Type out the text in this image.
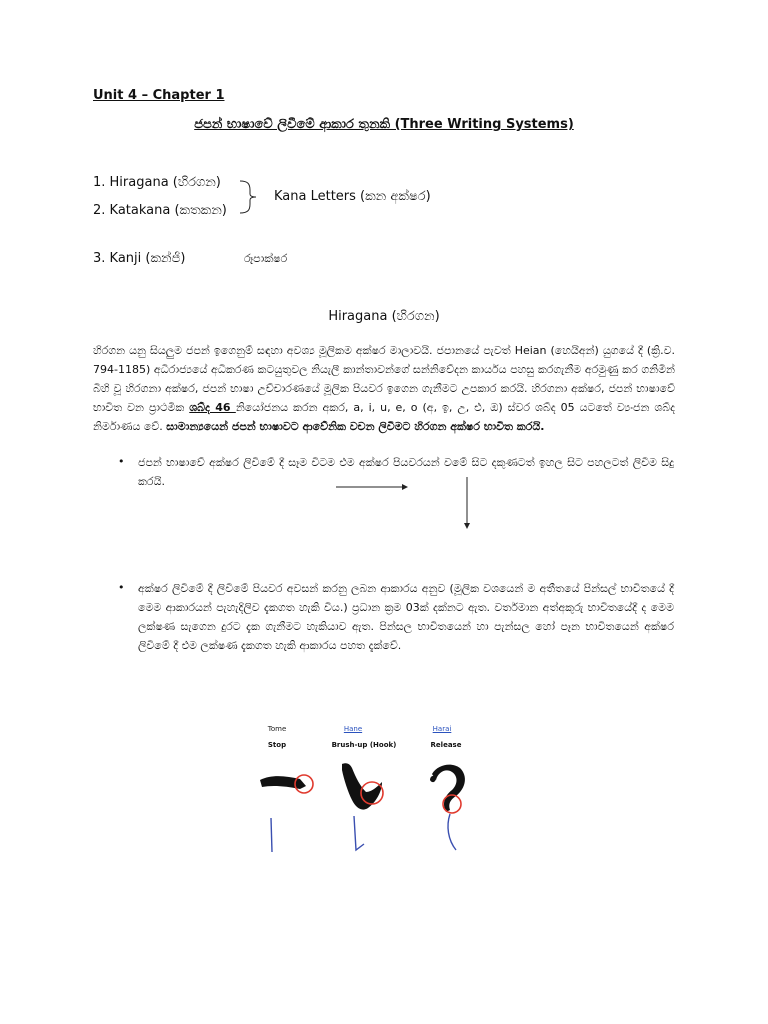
Unit 4 – Chapter 1
ජපන් භාෂාවේ ලිවීමේ ආකාර තුනකි (Three Writing Systems)
1. Hiragana (හිරගන)
2. Katakana (කතකන)
Kana Letters (කන අක්ෂර)
3. Kanji (කන්ජි)	රූපාක්ෂර
Hiragana (හිරගන)
හිරගන යනු සියලුම ජපන් ඉගෙනුම් සඳහා අවශ්‍ය මූලිකම අක්ෂර මාලාවයි. ජපානයේ පැවත් Heian (හෙයිඅන්) යුගයේ දී (ක්‍රි.ව. 794-1185) අධිරාජ්‍යයේ අධිකරණ කටයුතුවල නියැලී කාන්තාවන්ගේ සන්නිවේදන කාර්යය පහසු කරගැනීම අරමුණු කර ගනිමින් බිහි වූ හිරගනා අක්ෂර, ජපන් භාෂා උච්චාරණයේ මූලික පියවර ඉගෙන ගැනීමට උපකාර කරයි. හිරගනා අක්ෂර, ජපන් භාෂාවේ භාවිත වන ප්‍රාථමික ශබ්ද 46 නියෝජනය කරන අකර, a, i, u, e, o (අ, ඉ, උ, එ, ඔ) ස්වර ශබ්ද 05 යටතේ ව්‍යංජන ශබ්ද නිර්මාණය වේ. සාමාන්‍යයෙන් ජපන් භාෂාවට ආවේනික වචන ලිවීමට හිරගන අක්ෂර භාවිත කරයි.
• ජපන් භාෂාවේ අක්ෂර ලිවීමේ දී සෑම විටම එම අක්ෂර පියවරයන් වමේ සිට දකුණටත් ඉහල සිට පහලටත් ලිවීම සිදු කරයි.
• අක්ෂර ලිවීමේ දී ලිවීමේ පියවර අවසන් කරනු ලබන ආකාරය අනුව (මූලික වශයෙන් ම අතීතයේ පින්සල් භාවිතයේ දී මෙම ආකාරයන් පැහැදිලිව දැකගත හැකි විය.) ප්‍රධාන ක්‍රම 03ක් දක්නට ඇත. වර්තමාන අත්අකුරු භාවිතයේදී ද මෙම ලක්ෂණ සැගෙන දුරට දැක ගැනීමට හැකියාව ඇත. පින්සල භාවිතයෙන් හා පැන්සල හෝ පෑන භාවිතයෙන් අක්ෂර ලිවීමේ දී එම ලක්ෂණ දැකගත හැකි ආකාරය පහත දැක්වේ.
Tome
Stop
Hane
Brush-up (Hook)
Harai
Release
